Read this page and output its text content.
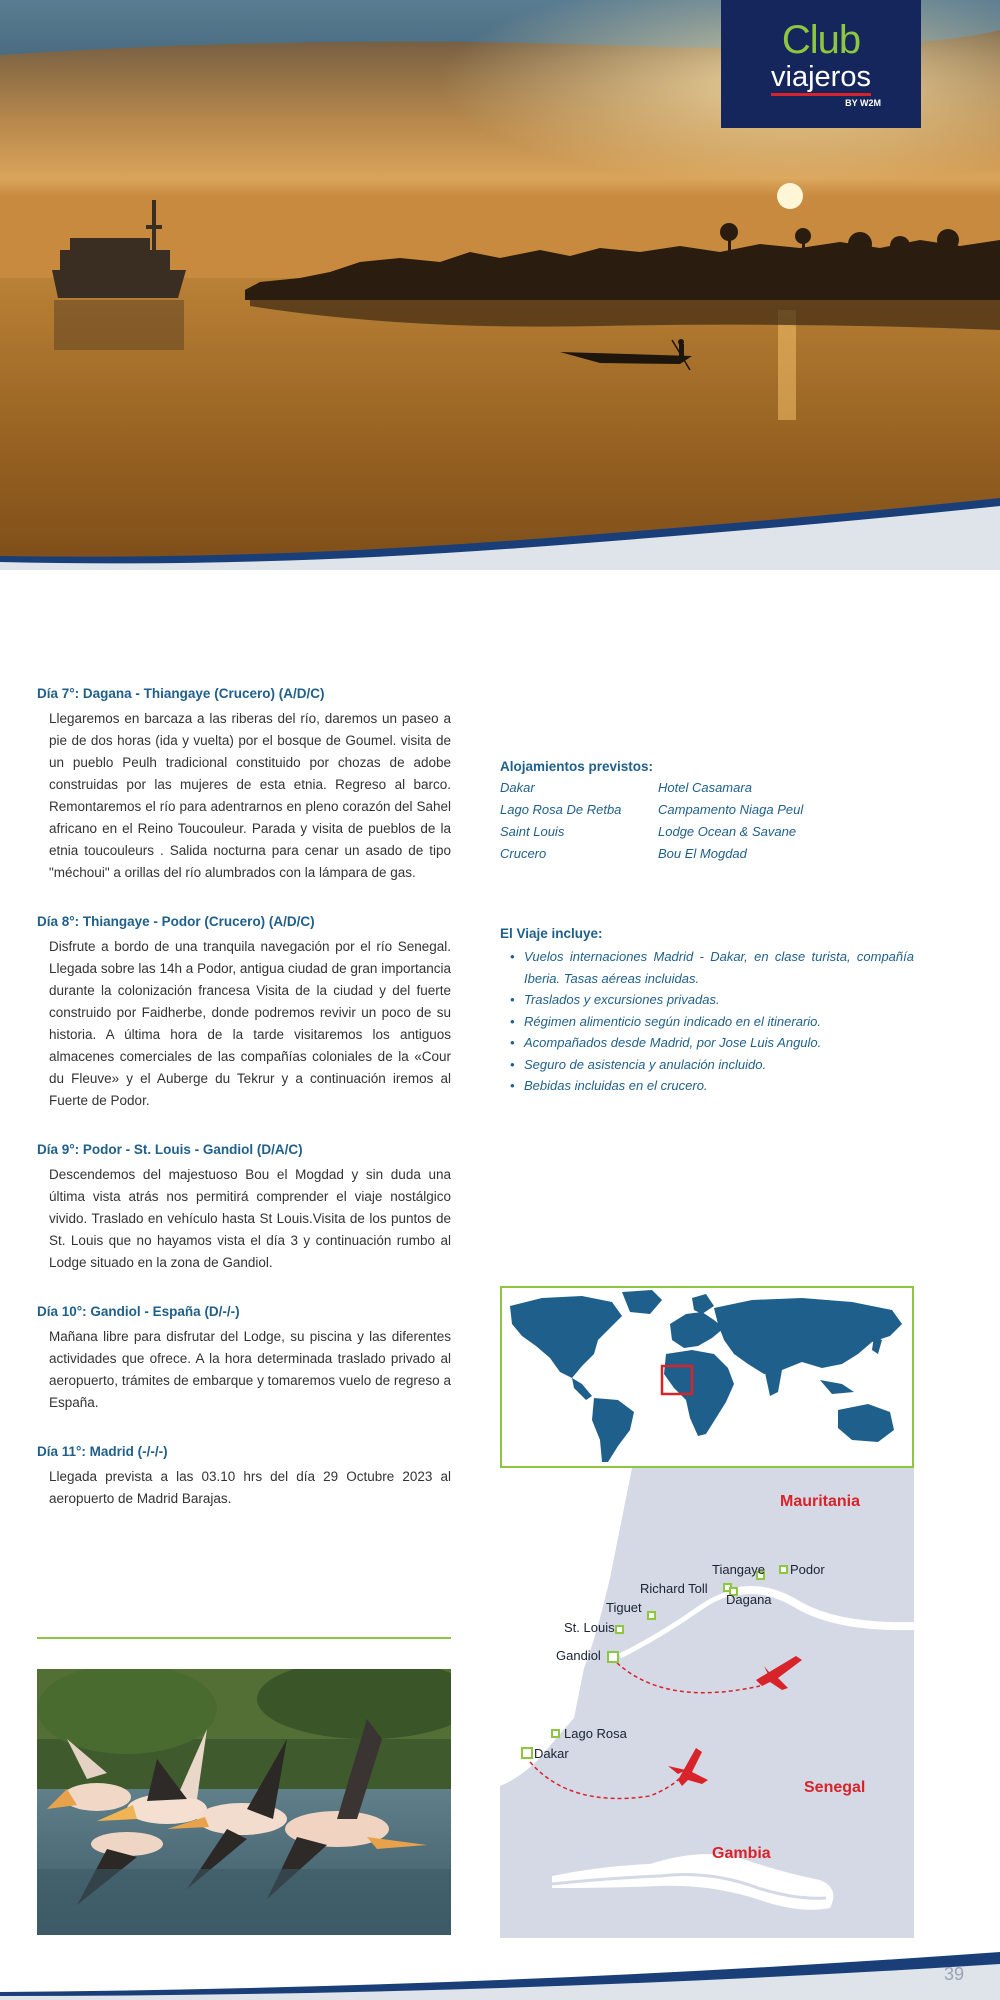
Club
viajeros
BY W2M
Día 7°: Dagana - Thiangaye (Crucero) (A/D/C)
Llegaremos en barcaza a las riberas del río, daremos un paseo a pie de dos horas (ida y vuelta) por el bosque de Goumel. visita de un pueblo Peulh tradicional constituido por chozas de adobe construidas por las mujeres de esta etnia. Regreso al barco. Remontaremos el río para adentrarnos en pleno corazón del Sahel africano en el Reino Toucouleur. Parada y visita de pueblos de la etnia toucouleurs . Salida nocturna para cenar un asado de tipo "méchoui" a orillas del río alumbrados con la lámpara de gas.
Día 8°: Thiangaye - Podor (Crucero) (A/D/C)
Disfrute a bordo de una tranquila navegación por el río Senegal. Llegada sobre las 14h a Podor, antigua ciudad de gran importancia durante la colonización francesa Visita de la ciudad y del fuerte construido por Faidherbe, donde podremos revivir un poco de su historia. A última hora de la tarde visitaremos los antiguos almacenes comerciales de las compañías coloniales de la «Cour du Fleuve» y el Auberge du Tekrur y a continuación iremos al Fuerte de Podor.
Día 9°: Podor - St. Louis - Gandiol (D/A/C)
Descendemos del majestuoso Bou el Mogdad y sin duda una última vista atrás nos permitirá comprender el viaje nostálgico vivido. Traslado en vehículo hasta St Louis.Visita de los puntos de St. Louis que no hayamos vista el día 3 y continuación rumbo al Lodge situado en la zona de Gandiol.
Día 10°: Gandiol - España (D/-/-)
Mañana libre para disfrutar del Lodge, su piscina y las diferentes actividades que ofrece. A la hora determinada traslado privado al aeropuerto, trámites de embarque y tomaremos vuelo de regreso a España.
Día 11°: Madrid (-/-/-)
Llegada prevista a las 03.10 hrs del día 29 Octubre 2023 al aeropuerto de Madrid Barajas.
Alojamientos previstos:
Dakar	Hotel Casamara
Lago Rosa De Retba	Campamento Niaga Peul
Saint Louis	Lodge Ocean & Savane
Crucero	Bou El Mogdad
El Viaje incluye:
• Vuelos internaciones Madrid - Dakar, en clase turista, compañía Iberia. Tasas aéreas incluidas.
• Traslados y excursiones privadas.
• Régimen alimenticio según indicado en el itinerario.
• Acompañados desde Madrid, por Jose Luis Angulo.
• Seguro de asistencia y anulación incluido.
• Bebidas incluidas en el crucero.
Mauritania
Senegal
Gambia
Tiangaye Podor
Richard Toll
Dagana
Tiguet
St. Louis
Gandiol
Lago Rosa
Dakar
39
